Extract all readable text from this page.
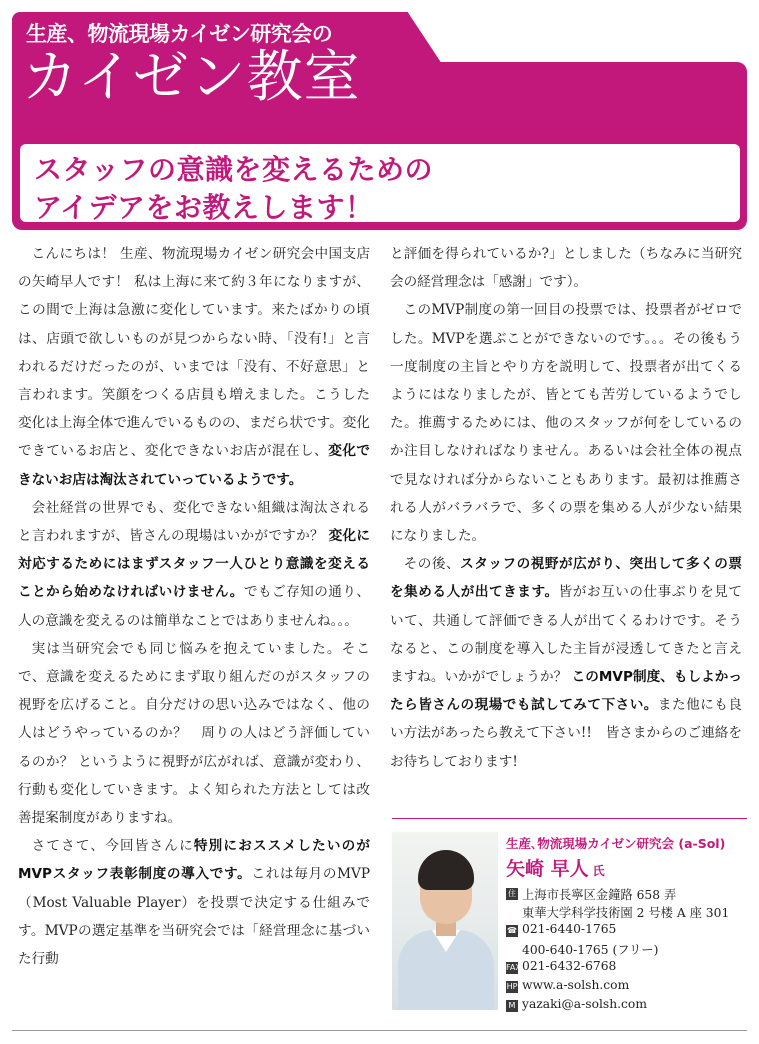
生産、物流現場カイゼン研究会の
カイゼン教室
スタッフの意識を変えるための
アイデアをお教えします！

こんにちは！ 生産、物流現場カイゼン研究会中国支店の矢崎早人です！ 私は上海に来て約３年になりますが、この間で上海は急激に変化しています。来たばかりの頃は、店頭で欲しいものが見つからない時、「没有!」と言われるだけだったのが、いまでは「没有、不好意思」と言われます。笑顔をつくる店員も増えました。こうした変化は上海全体で進んでいるものの、まだら状です。変化できているお店と、変化できないお店が混在し、変化できないお店は淘汰されていっているようです。

会社経営の世界でも、変化できない組織は淘汰されると言われますが、皆さんの現場はいかがですか？ 変化に対応するためにはまずスタッフ一人ひとり意識を変えることから始めなければいけません。でもご存知の通り、人の意識を変えるのは簡単なことではありませんね。。。

実は当研究会でも同じ悩みを抱えていました。そこで、意識を変えるためにまず取り組んだのがスタッフの視野を広げること。自分だけの思い込みではなく、他の人はどうやっているのか？　周りの人はどう評価しているのか？ というように視野が広がれば、意識が変わり、行動も変化していきます。よく知られた方法としては改善提案制度がありますね。

さてさて、今回皆さんに特別におススメしたいのがMVPスタッフ表彰制度の導入です。これは毎月のMVP（Most Valuable Player）を投票で決定する仕組みです。MVPの選定基準を当研究会では「経営理念に基づいた行動

と評価を得られているか?」としました（ちなみに当研究会の経営理念は「感謝」です）。

このMVP制度の第一回目の投票では、投票者がゼロでした。MVPを選ぶことができないのです。。。その後もう一度制度の主旨とやり方を説明して、投票者が出てくるようにはなりましたが、皆とても苦労しているようでした。推薦するためには、他のスタッフが何をしているのか注目しなければなりません。あるいは会社全体の視点で見なければ分からないこともあります。最初は推薦される人がバラバラで、多くの票を集める人が少ない結果になりました。

その後、スタッフの視野が広がり、突出して多くの票を集める人が出てきます。皆がお互いの仕事ぶりを見ていて、共通して評価できる人が出てくるわけです。そうなると、この制度を導入した主旨が浸透してきたと言えますね。いかがでしょうか？ このMVP制度、もしよかったら皆さんの現場でも試してみて下さい。また他にも良い方法があったら教えて下さい!!　皆さまからのご連絡をお待ちしております!

生産､物流現場カイゼン研究会 (a-Sol)
矢崎 早人 氏
住 上海市長寧区金鐘路 658 弄
東華大学科学技術園 2 号楼 A 座 301
☎ 021-6440-1765
400-640-1765 (フリー)
FAX 021-6432-6768
HP www.a-solsh.com
M yazaki@a-solsh.com
